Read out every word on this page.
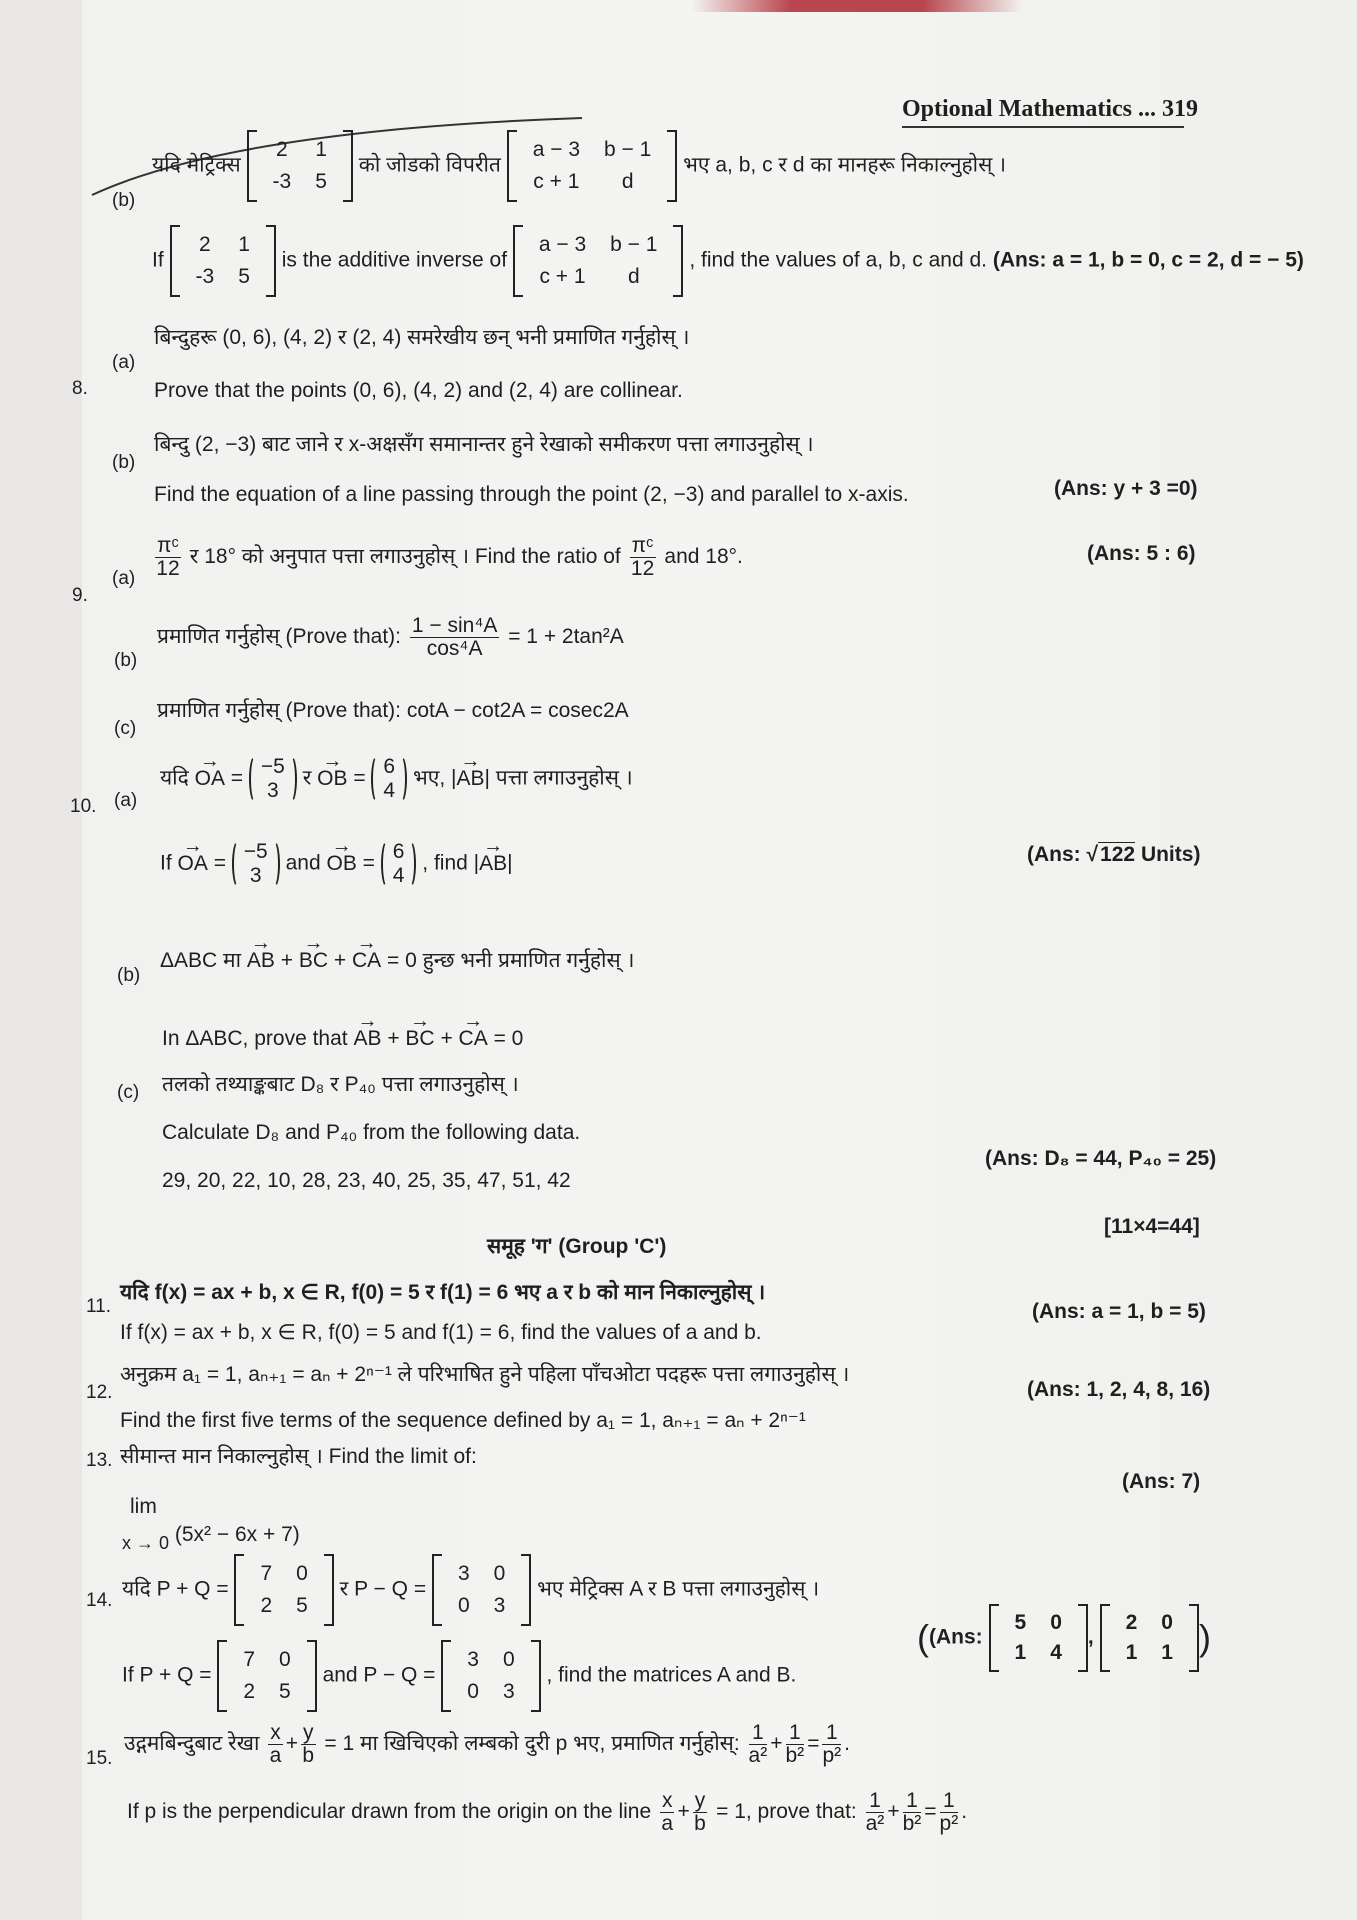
Optional Mathematics ... 319
(b)
यदि मेट्रिक्स
2	1
-3	5
को जोडको विपरीत
a − 3	b − 1
c + 1	d
भए a, b, c र d का मानहरू निकाल्नुहोस् ।
If
2	1
-3	5
is the additive inverse of
a − 3	b − 1
c + 1	d
, find the values of a, b, c and d. (Ans: a = 1, b = 0, c = 2, d = − 5)
8.
(a)
बिन्दुहरू (0, 6), (4, 2) र (2, 4) समरेखीय छन् भनी प्रमाणित गर्नुहोस् ।
Prove that the points (0, 6), (4, 2) and (2, 4) are collinear.
(b)
बिन्दु (2, −3) बाट जाने र x-अक्षसँग समानान्तर हुने रेखाको समीकरण पत्ता लगाउनुहोस् ।
Find the equation of a line passing through the point (2, −3) and parallel to x-axis.	(Ans: y + 3 =0)
9.
$(a) \frac{\text{πᶜ}}{12}$ र 18° को अनुपात पत्ता लगाउनुहोस् । Find the ratio of $\frac{\text{πᶜ}}{12}$ and 18°.	(Ans: 5 : 6)
(b)
प्रमाणित गर्नुहोस् (Prove that): $\frac{\text{1 − sin⁴A}}{\text{cos⁴A}} = 1 + 2\tan^2A$
(c)
प्रमाणित गर्नुहोस् (Prove that): cotA − cot2A = cosec2A
10. (a)
यदि → OA =
−5
3
र → OB =
6
4
भए, |→ AB| पत्ता लगाउनुहोस् ।
If → OA =
−5
3
and → OB =
6
4
, find |→ AB|	(Ans: √122 Units)
(b)
ΔABC मा → AB + → BC + → CA = 0 हुन्छ भनी प्रमाणित गर्नुहोस् ।
In ΔABC, prove that → AB + → BC + → CA = 0
(c) तलको तथ्याङ्कबाट D₈ र P₄₀ पत्ता लगाउनुहोस् ।
Calculate D₈ and P₄₀ from the following data.
29, 20, 22, 10, 28, 23, 40, 25, 35, 47, 51, 42
(Ans: D₈ = 44, P₄₀ = 25)
समूह 'ग' (Group 'C')
[11×4=44]
11.
यदि f(x) = ax + b, x ∈ R, f(0) = 5 र f(1) = 6 भए a र b को मान निकाल्नुहोस् ।
If f(x) = ax + b, x ∈ R, f(0) = 5 and f(1) = 6, find the values of a and b.
(Ans: a = 1, b = 5)
12.
अनुक्रम a₁ = 1, aₙ₊₁ = aₙ + 2ⁿ⁻¹ ले परिभाषित हुने पहिला पाँचओटा पदहरू पत्ता लगाउनुहोस् ।
Find the first five terms of the sequence defined by a₁ = 1, aₙ₊₁ = aₙ + 2ⁿ⁻¹
(Ans: 1, 2, 4, 8, 16)
13. सीमान्त मान निकाल्नुहोस् । Find the limit of:
lim
x → 0 (5x² − 6x + 7)
(Ans: 7)
14. यदि P + Q =
7	0
2	5
र P − Q =
3	0
0	3
भए मेट्रिक्स A र B पत्ता लगाउनुहोस् ।
If P + Q =
7	0
2	5
and P − Q =
3	0
0	3
, find the matrices A and B.
((Ans:
5	0
1	4
,
2	0
1	1 )
15.
उद्गमबिन्दुबाट रेखा $\frac{x}{a} + \frac{y}{b} = 1$ मा खिचिएको लम्बको दुरी p भए, प्रमाणित गर्नुहोस्: $\frac{1}{\text{a²}} + \frac{1}{\text{b²}} = \frac{1}{\text{p²}}$ .
If p is the perpendicular drawn from the origin on the line $\frac{x}{a} + \frac{y}{b} = 1$, prove that: $\frac{1}{\text{a²}} + \frac{1}{\text{b²}} = \frac{1}{\text{p²}}$ .
